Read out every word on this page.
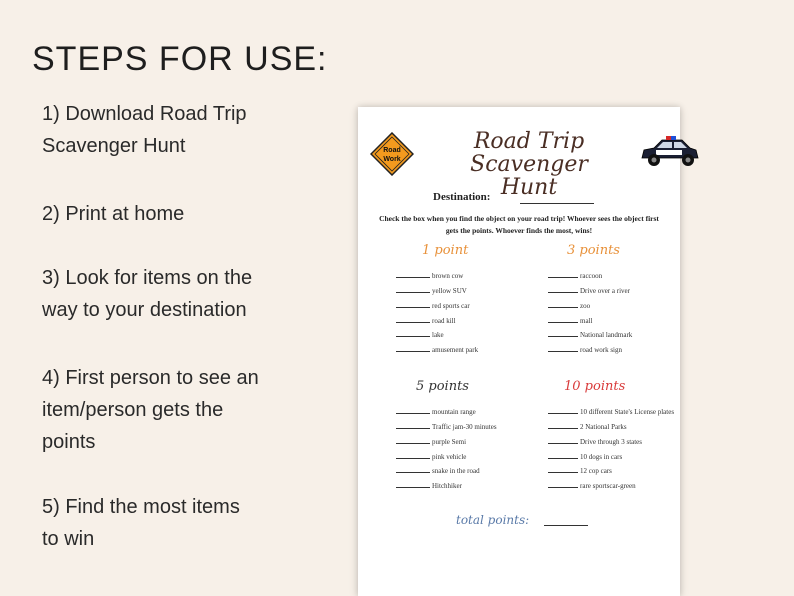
STEPS FOR USE:
1) Download Road Trip
Scavenger Hunt
2) Print at home
3) Look for items on the
way to your destination
4) First person to see an
item/person gets the
points
5) Find the most items
to win
Road
Work
Road Trip Scavenger
Hunt
Destination:
Check the box when you find the object on your road trip! Whoever sees the object first gets the points. Whoever finds the most, wins!
1 point	3 points
5 points	10 points
brown cow
yellow SUV
red sports car
road kill
lake
amusement park
raccoon
Drive over a river
zoo
mall
National landmark
road work sign
mountain range
Traffic jam-30 minutes
purple Semi
pink vehicle
snake in the road
Hitchhiker
10 different State's License plates
2 National Parks
Drive through 3 states
10 dogs in cars
12 cop cars
rare sportscar-green
total points:
